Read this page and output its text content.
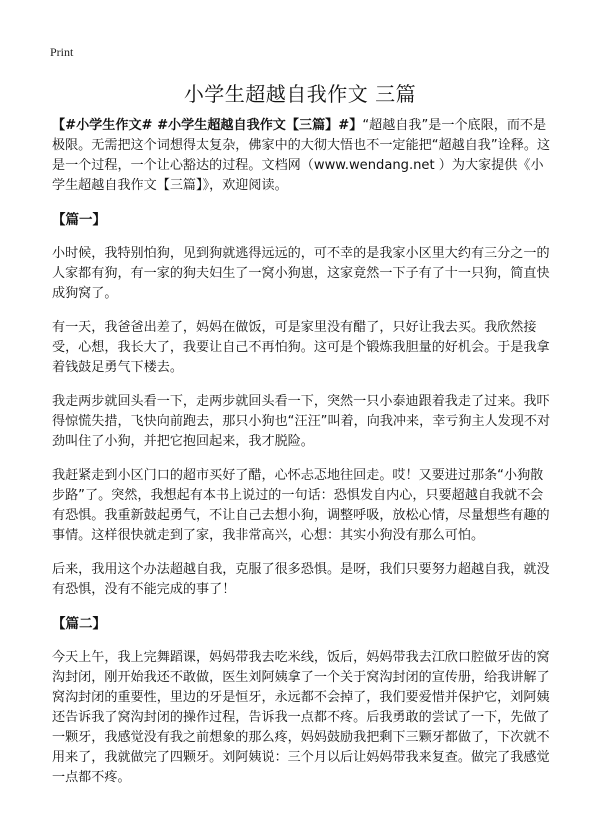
Print
小学生超越自我作文 三篇

【#小学生作文# #小学生超越自我作文【三篇】#】“超越自我”是一个底限，而不是极限。无需把这个词想得太复杂，佛家中的大彻大悟也不一定能把“超越自我”诠释。这是一个过程，一个让心豁达的过程。文档网（www.wendang.net ）为大家提供《小学生超越自我作文【三篇】》，欢迎阅读。

【篇一】

小时候，我特别怕狗，见到狗就逃得远远的，可不幸的是我家小区里大约有三分之一的人家都有狗，有一家的狗夫妇生了一窝小狗崽，这家竟然一下子有了十一只狗，简直快成狗窝了。

有一天，我爸爸出差了，妈妈在做饭，可是家里没有醋了，只好让我去买。我欣然接受，心想，我长大了，我要让自己不再怕狗。这可是个锻炼我胆量的好机会。于是我拿着钱鼓足勇气下楼去。

我走两步就回头看一下，走两步就回头看一下，突然一只小泰迪跟着我走了过来。我吓得惊慌失措，飞快向前跑去，那只小狗也“汪汪”叫着，向我冲来，幸亏狗主人发现不对劲叫住了小狗，并把它抱回起来，我才脱险。

我赶紧走到小区门口的超市买好了醋，心怀忐忑地往回走。哎！又要进过那条“小狗散步路”了。突然，我想起有本书上说过的一句话：恐惧发自内心，只要超越自我就不会有恐惧。我重新鼓起勇气，不让自己去想小狗，调整呼吸，放松心情，尽量想些有趣的事情。这样很快就走到了家，我非常高兴，心想：其实小狗没有那么可怕。

后来，我用这个办法超越自我，克服了很多恐惧。是呀，我们只要努力超越自我，就没有恐惧，没有不能完成的事了！

【篇二】

今天上午，我上完舞蹈课，妈妈带我去吃米线，饭后，妈妈带我去江欣口腔做牙齿的窝沟封闭，刚开始我还不敢做，医生刘阿姨拿了一个关于窝沟封闭的宣传册，给我讲解了窝沟封闭的重要性，里边的牙是恒牙，永远都不会掉了，我们要爱惜并保护它，刘阿姨还告诉我了窝沟封闭的操作过程，告诉我一点都不疼。后我勇敢的尝试了一下，先做了一颗牙，我感觉没有我之前想象的那么疼，妈妈鼓励我把剩下三颗牙都做了，下次就不用来了，我就做完了四颗牙。刘阿姨说：三个月以后让妈妈带我来复查。做完了我感觉一点都不疼。
